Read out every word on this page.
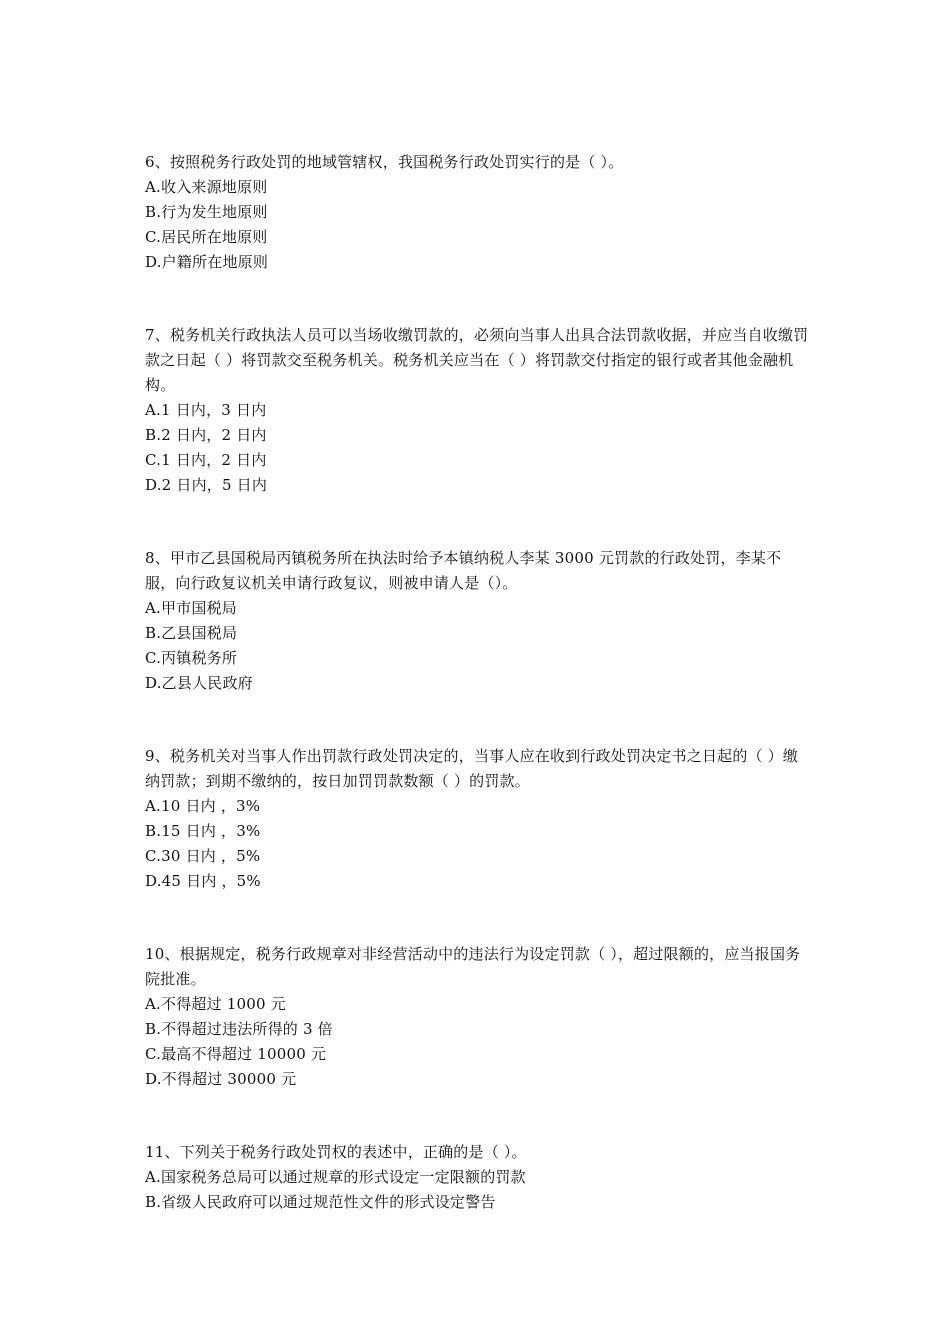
6、按照税务行政处罚的地域管辖权，我国税务行政处罚实行的是（ ）。

A.收入来源地原则

B.行为发生地原则

C.居民所在地原则

D.户籍所在地原则

7、税务机关行政执法人员可以当场收缴罚款的，必须向当事人出具合法罚款收据，并应当自收缴罚款之日起（ ）将罚款交至税务机关。税务机关应当在（ ）将罚款交付指定的银行或者其他金融机构。

A.1 日内，3 日内

B.2 日内，2 日内

C.1 日内，2 日内

D.2 日内，5 日内

8、甲市乙县国税局丙镇税务所在执法时给予本镇纳税人李某 3000 元罚款的行政处罚，李某不服，向行政复议机关申请行政复议，则被申请人是（）。

A.甲市国税局

B.乙县国税局

C.丙镇税务所

D.乙县人民政府

9、税务机关对当事人作出罚款行政处罚决定的，当事人应在收到行政处罚决定书之日起的（ ）缴纳罚款；到期不缴纳的，按日加罚罚款数额（ ）的罚款。

A.10 日内 ，3%

B.15 日内 ，3%

C.30 日内 ，5%

D.45 日内 ，5%

10、根据规定，税务行政规章对非经营活动中的违法行为设定罚款（ ），超过限额的，应当报国务院批准。

A.不得超过 1000 元

B.不得超过违法所得的 3 倍

C.最高不得超过 10000 元

D.不得超过 30000 元

11、下列关于税务行政处罚权的表述中，正确的是（ ）。

A.国家税务总局可以通过规章的形式设定一定限额的罚款

B.省级人民政府可以通过规范性文件的形式设定警告
